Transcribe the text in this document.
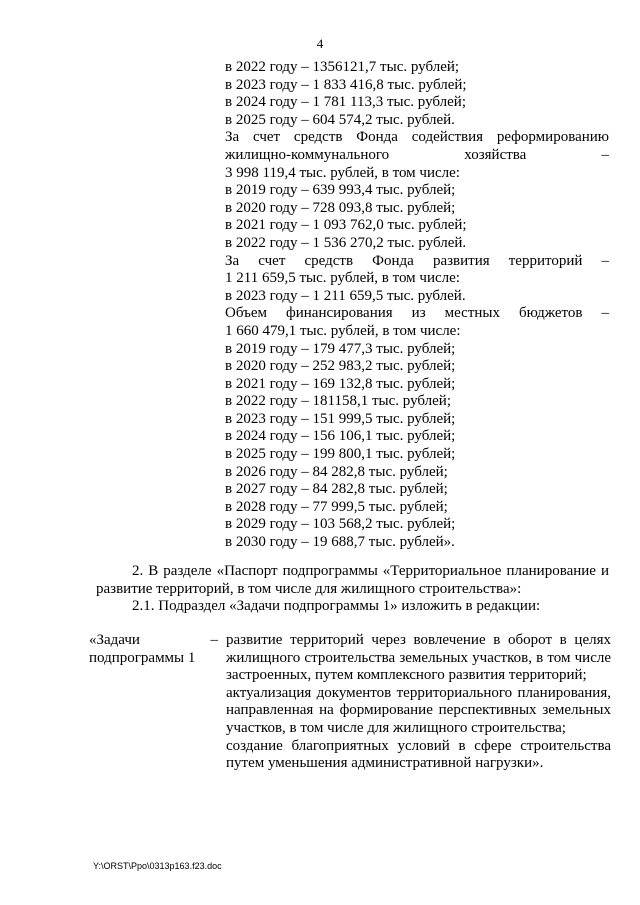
4
в 2022 году – 1356121,7 тыс. рублей;
в 2023 году – 1 833 416,8 тыс. рублей;
в 2024 году – 1 781 113,3 тыс. рублей;
в 2025 году – 604 574,2 тыс. рублей.
За счет средств Фонда содействия реформированию
жилищно-коммунального хозяйства –
3 998 119,4 тыс. рублей, в том числе:
в 2019 году – 639 993,4 тыс. рублей;
в 2020 году – 728 093,8 тыс. рублей;
в 2021 году – 1 093 762,0 тыс. рублей;
в 2022 году – 1 536 270,2 тыс. рублей.
За счет средств Фонда развития территорий –
1 211 659,5 тыс. рублей, в том числе:
в 2023 году – 1 211 659,5 тыс. рублей.
Объем финансирования из местных бюджетов –
1 660 479,1 тыс. рублей, в том числе:
в 2019 году – 179 477,3 тыс. рублей;
в 2020 году – 252 983,2 тыс. рублей;
в 2021 году – 169 132,8 тыс. рублей;
в 2022 году – 181158,1 тыс. рублей;
в 2023 году – 151 999,5 тыс. рублей;
в 2024 году – 156 106,1 тыс. рублей;
в 2025 году – 199 800,1 тыс. рублей;
в 2026 году – 84 282,8 тыс. рублей;
в 2027 году – 84 282,8 тыс. рублей;
в 2028 году – 77 999,5 тыс. рублей;
в 2029 году – 103 568,2 тыс. рублей;
в 2030 году – 19 688,7 тыс. рублей».

2. В разделе «Паспорт подпрограммы «Территориальное планирование и развитие территорий, в том числе для жилищного строительства»:

2.1. Подраздел «Задачи подпрограммы 1» изложить в редакции:

«Задачи
подпрограммы 1
– развитие территорий через вовлечение в оборот в целях жилищного строительства земельных участков, в том числе застроенных, путем комплексного развития территорий;

актуализация документов территориального планирования, направленная на формирование перспективных земельных участков, в том числе для жилищного строительства;

создание благоприятных условий в сфере строительства путем уменьшения административной нагрузки».

Y:\ORST\Ppo\0313p163.f23.doc
